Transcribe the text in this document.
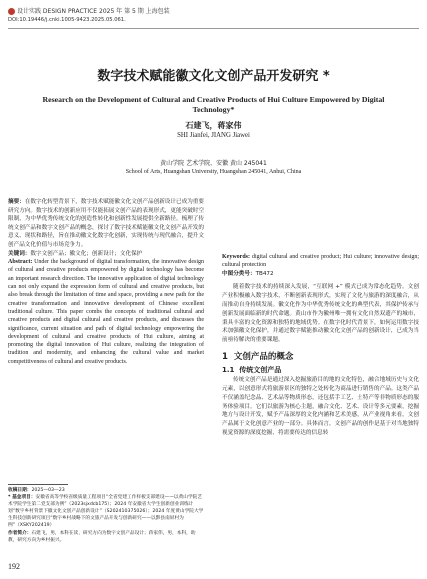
设计实践 DESIGN PRACTICE 2025 年 第 5 期 上海包装
DOI:10.19446/j.cnki.1005-9423.2025.05.061.
数字技术赋能徽文化文创产品开发研究 *
Research on the Development of Cultural and Creative Products of Hui Culture Empowered by Digital Technology*
石建飞，蒋家伟
SHI Jianfei, JIANG Jiawei
黄山学院 艺术学院，安徽 黄山 245041
School of Arts, Huangshan University, Huangshan 245041, Anhui, China

摘要：在数字化转型背景下，数字技术赋能徽文化文创产品创新设计已成为重要研究方向。数字技术的创新应用不仅能拓展文创产品的表现形式，更能突破时空限制，为中华优秀传统文化的创造性转化和创新性发展提供全新路径。梳理了传统文创产品和数字文创产品的概念，探讨了数字技术赋能徽文化文创产品开发的意义、现状和路径，旨在推动徽文化数字化创新，实现传统与现代融合，提升文创产品文化价值与市场竞争力。

关键词：数字文创产品；徽文化；创新设计；文化保护

Abstract: Under the background of digital transformation, the innovative design of cultural and creative products empowered by digital technology has become an important research direction. The innovative application of digital technology can not only expand the expression form of cultural and creative products, but also break through the limitation of time and space, providing a new path for the creative transformation and innovative development of Chinese excellent traditional culture. This paper combs the concepts of traditional cultural and creative products and digital cultural and creative products, and discusses the significance, current situation and path of digital technology empowering the development of cultural and creative products of Hui culture, aiming at promoting the digital innovation of Hui culture, realizing the integration of tradition and modernity, and enhancing the cultural value and market competitiveness of cultural and creative products.

Keywords: digital cultural and creative product; Hui culture; innovative design; cultural protection

中图分类号：TB472

随着数字技术的持续深入发展，“互联网 +” 模式已成为常态化趋势。文创产业积极融入数字技术，不断创新表现形式，实现了文化与旅游的深度融合，从而推动自身持续发展。徽文化作为中华优秀传统文化的典型代表，其保护传承与创新发展面临新的时代命题。黄山市作为徽州唯一拥有文化自然双遗产的城市，秉具丰富的文化资源和独特的地域优势。在数字化时代背景下，如何运用数字技术加强徽文化保护，并通过数字赋能推动徽文化文创产品的创新设计，已成为当前亟待解决的重要课题。

1 文创产品的概念
1.1 传统文创产品

传统文创产品是通过深入挖掘旅游目的地的文化特色，融合地域历史与文化元素，以创意形式将旅游景区的独特之处转化为商品进行销售的产品。这类产品不仅涵盖纪念品、艺术品等物质形态，还包括手工艺、土特产等非物质形态的服务体验项目。它们以旅游为核心主题，融合文化、艺术、设计等多元要素，挖掘地方与设计开发，赋予产品深厚的文化内涵和艺术美感，从产业视角来看，文创产品属于文化创意产业的一部分。具体而言，文创产品的创作是基于对当地独特视觉资源的深度挖掘，将需要传达的信息转

收稿日期：2025—03—23

* 基金项目：安徽省高等学校省级质量工程项目“全省党建工作样板支部建设——以黄山学院艺术学院学生第二党支部为例”（2023sjxdcb175）；2024 年安徽省大学生创新创业训练计划“数字乡村背景下徽文化文创产品创新设计”（S202410375026）；2024 年度黄山学院大学生科技创新研究项目“数字乡村战略下的文旅产品开发与创新研究——以黟县南屏村为例”（XSKY202419）

作者简介：石建飞，男，本科在读，研究方向为数字文创产品设计；蒋家伟，男，本科，助教，研究方向为乡村振兴。

192
